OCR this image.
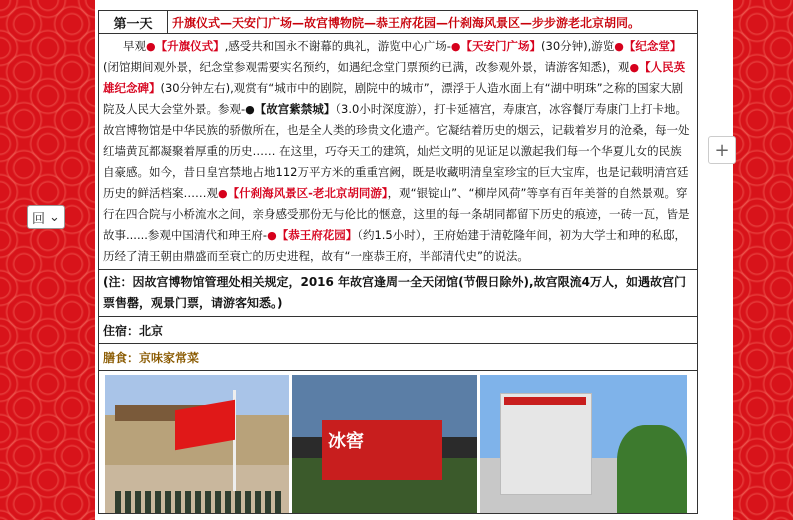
第一天	升旗仪式—天安门广场—故宫博物院—恭王府花园—什刹海风景区—步步游老北京胡同。

早观●【升旗仪式】,感受共和国永不谢幕的典礼，游览中心广场-●【天安门广场】(30分钟),游览●【纪念堂】(闭馆期间观外景，纪念堂参观需要实名预约，如遇纪念堂门票预约已满，改参观外景，请游客知悉)，观●【人民英雄纪念碑】(30分钟左右),观赏有“城市中的剧院，剧院中的城市”，漂浮于人造水面上有“湖中明珠”之称的国家大剧院及人民大会堂外景。参观-●【故宫紫禁城】（3.0小时深度游），打卡延禧宫，寿康宫，冰容餐厅寿康门上打卡地。故宫博物馆是中华民族的骄傲所在，也是全人类的珍贵文化遗产。它凝结着历史的烟云，记载着岁月的沧桑，每一处红墙黄瓦都凝聚着厚重的历史…… 在这里，巧夺天工的建筑，灿烂文明的见证足以激起我们每一个华夏儿女的民族自豪感。如今，昔日皇宫禁地占地112万平方米的重重宫阙，既是收藏明清皇室珍宝的巨大宝库，也是记载明清宫廷历史的鲜活档案……观●【什刹海风景区-老北京胡同游】，观“银锭山”、“柳岸风荷”等享有百年美誉的自然景观。穿行在四合院与小桥流水之间，亲身感受那份无与伦比的惬意，这里的每一条胡同都留下历史的痕迹，一砖一瓦，皆是故事......参观中国清代和珅王府-●【恭王府花园】（约1.5小时），王府始建于清乾隆年间，初为大学士和珅的私邸，历经了清王朝由鼎盛而至衰亡的历史进程，故有“一座恭王府，半部清代史”的说法。

(注：因故宫博物馆管理处相关规定，2016 年故宫逢周一全天闭馆(节假日除外),故宫限流4万人，如遇故宫门票售罄，观景门票，请游客知悉。)
住宿：北京
膳食：京味家常菜

冰窖
回 ⌄
+
